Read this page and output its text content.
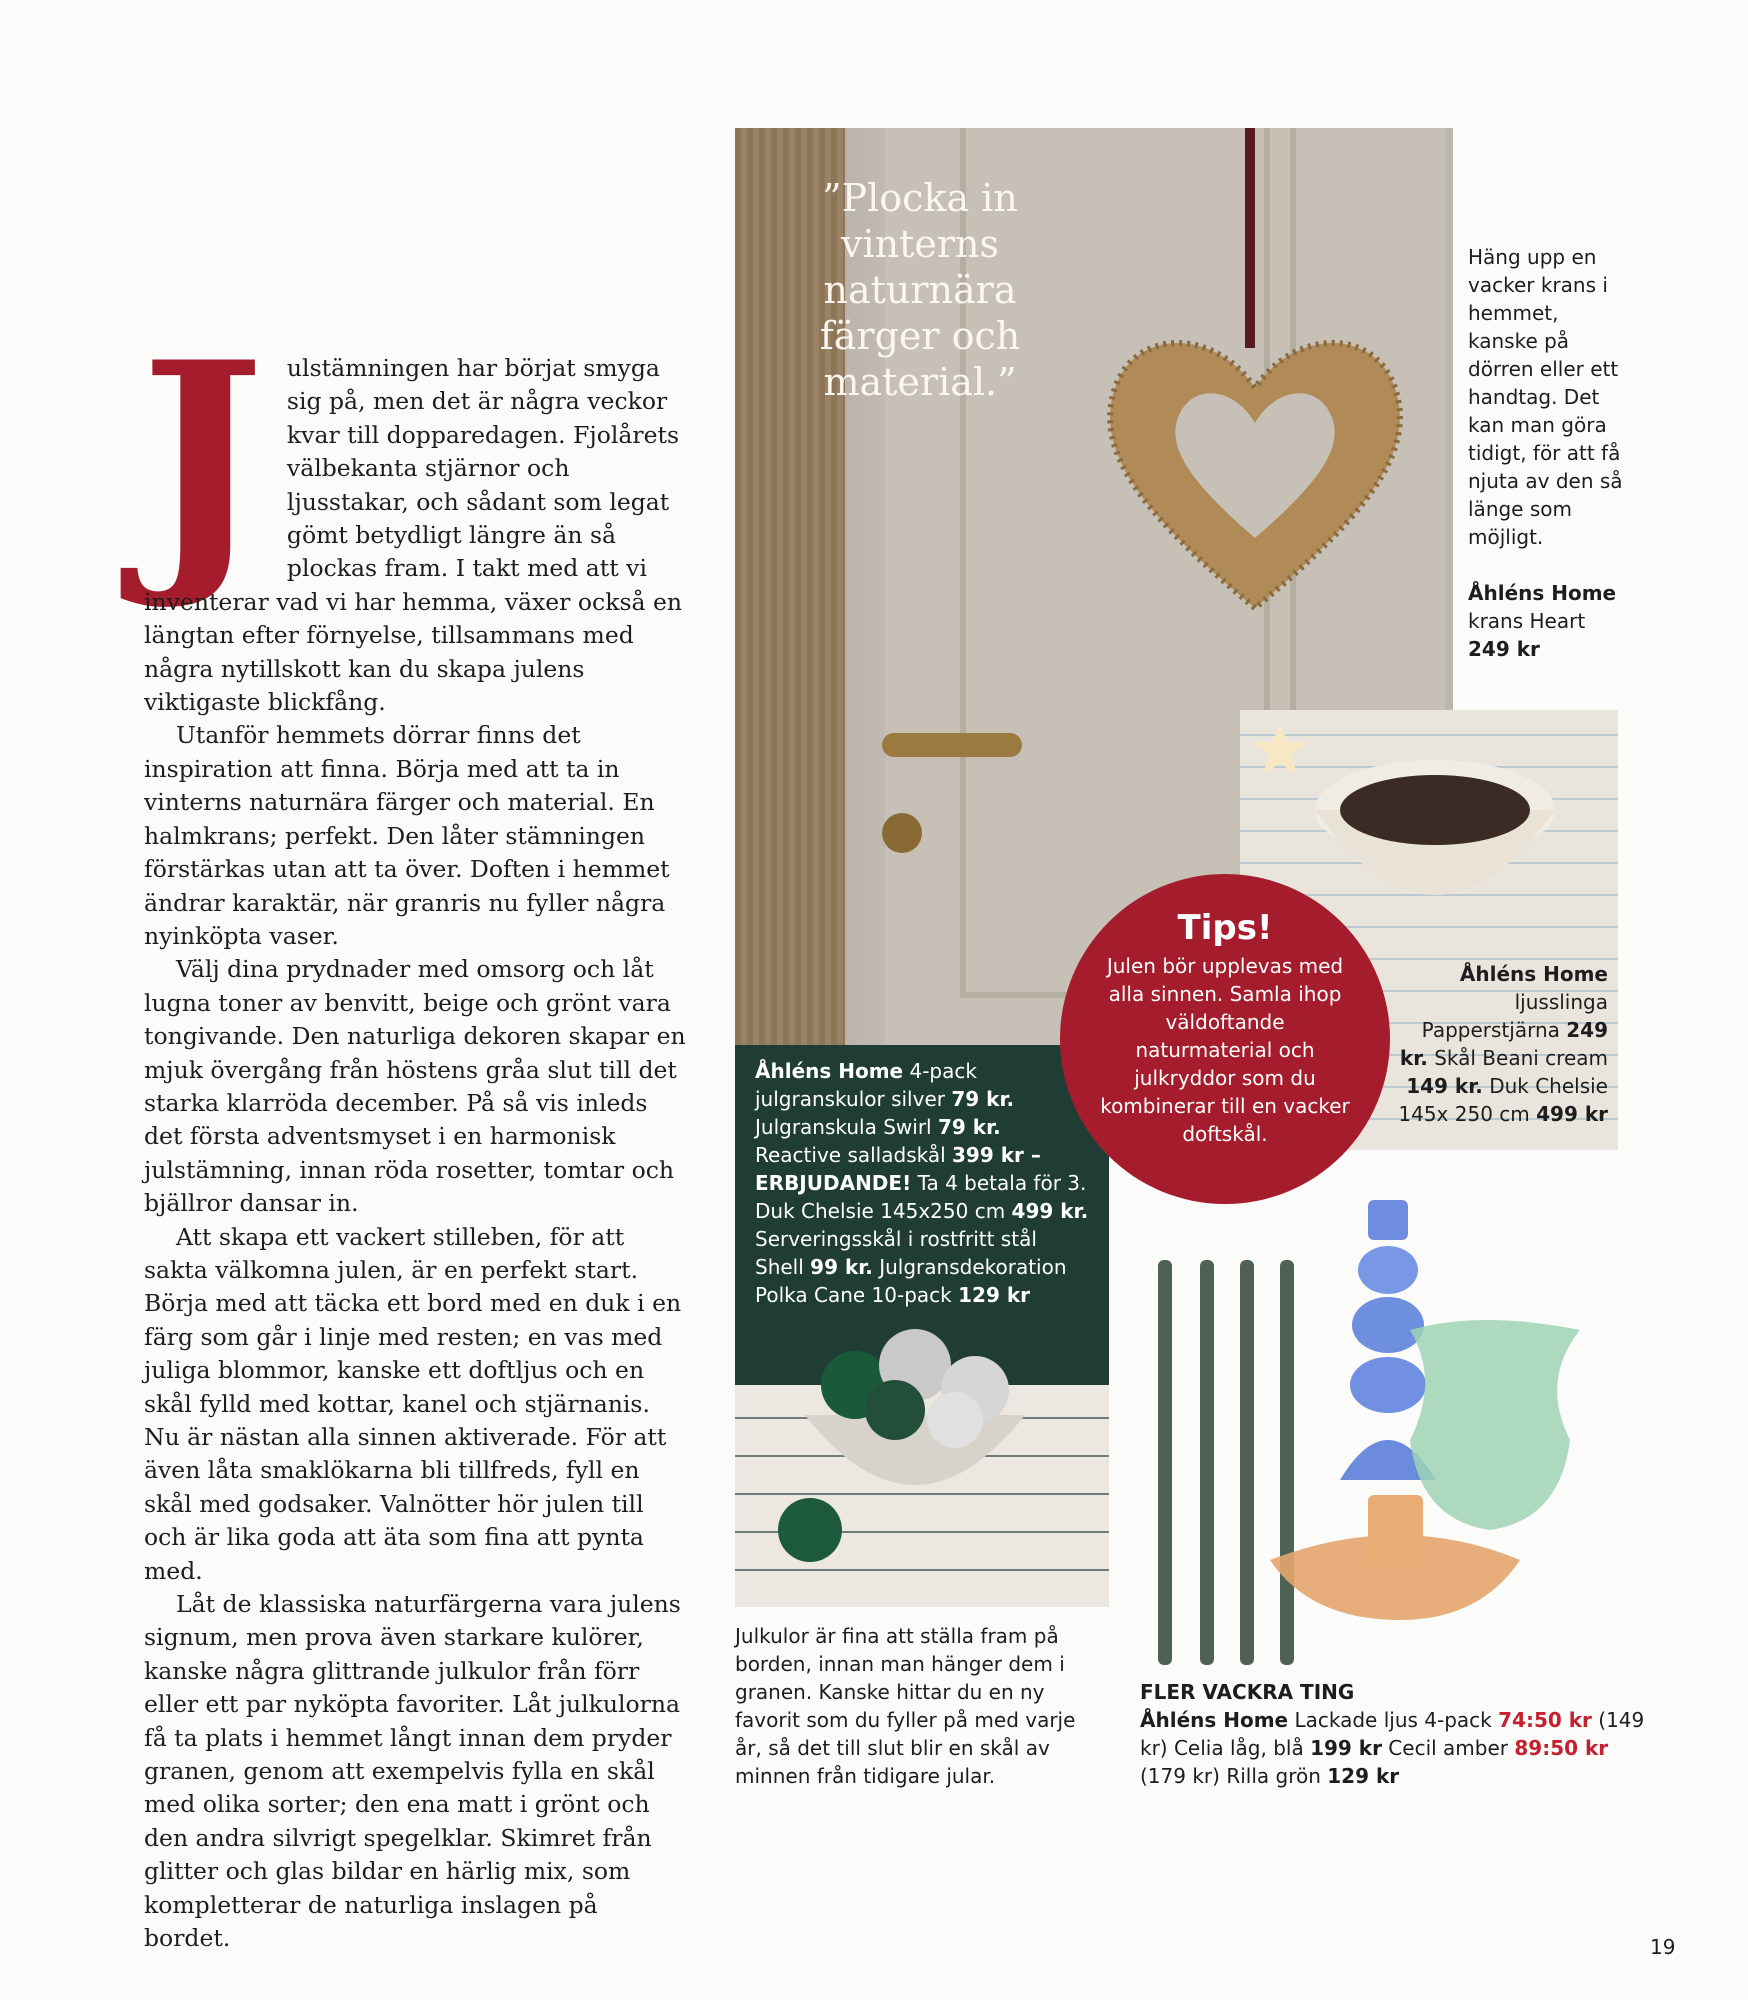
J ulstämningen har börjat smyga sig på, men det är några veckor kvar till dopparedagen. Fjolårets välbekanta stjärnor och ljusstakar, och sådant som legat gömt betydligt längre än så plockas fram. I takt med att vi inventerar vad vi har hemma, växer också en längtan efter förnyelse, tillsammans med några nytillskott kan du skapa julens viktigaste blickfång.

Utanför hemmets dörrar finns det inspiration att finna. Börja med att ta in vinterns naturnära färger och material. En halmkrans; perfekt. Den låter stämningen förstärkas utan att ta över. Doften i hemmet ändrar karaktär, när granris nu fyller några nyinköpta vaser.

Välj dina prydnader med omsorg och låt lugna toner av benvitt, beige och grönt vara tongivande. Den naturliga dekoren skapar en mjuk övergång från höstens gråa slut till det starka klarröda december. På så vis inleds det första adventsmyset i en harmonisk julstämning, innan röda rosetter, tomtar och bjällror dansar in.

Att skapa ett vackert stilleben, för att sakta välkomna julen, är en perfekt start. Börja med att täcka ett bord med en duk i en färg som går i linje med resten; en vas med juliga blommor, kanske ett doftljus och en skål fylld med kottar, kanel och stjärnanis. Nu är nästan alla sinnen aktiverade. För att även låta smaklökarna bli tillfreds, fyll en skål med godsaker. Valnötter hör julen till och är lika goda att äta som fina att pynta med.

Låt de klassiska naturfärgerna vara julens signum, men prova även starkare kulörer, kanske några glittrande julkulor från förr eller ett par nyköpta favoriter. Låt julkulorna få ta plats i hemmet långt innan dem pryder granen, genom att exempelvis fylla en skål med olika sorter; den ena matt i grönt och den andra silvrigt spegelklar. Skimret från glitter och glas bildar en härlig mix, som kompletterar de naturliga inslagen på bordet.

”Plocka in vinterns naturnära färger och material.”
Häng upp en vacker krans i hemmet, kanske på dörren eller ett handtag. Det kan man göra tidigt, för att få njuta av den så länge som möjligt.
Åhléns Home
krans Heart
249 kr
Åhléns Home
ljusslinga Papperstjärna 249 kr. Skål Beani cream 149 kr. Duk Chelsie 145x 250 cm 499 kr
Åhléns Home 4-pack julgranskulor silver 79 kr. Julgranskula Swirl 79 kr. Reactive salladskål 399 kr – ERBJUDANDE! Ta 4 betala för 3. Duk Chelsie 145x250 cm 499 kr. Serveringsskål i rostfritt stål Shell 99 kr. Julgransdekoration Polka Cane 10-pack 129 kr
Tips!
Julen bör upplevas med alla sinnen. Samla ihop väldoftande naturmaterial och julkryddor som du kombinerar till en vacker doftskål.
Julkulor är fina att ställa fram på borden, innan man hänger dem i granen. Kanske hittar du en ny favorit som du fyller på med varje år, så det till slut blir en skål av minnen från tidigare jular.
FLER VACKRA TING
Åhléns Home Lackade ljus 4-pack 74:50 kr (149 kr) Celia låg, blå 199 kr Cecil amber 89:50 kr (179 kr) Rilla grön 129 kr
19
